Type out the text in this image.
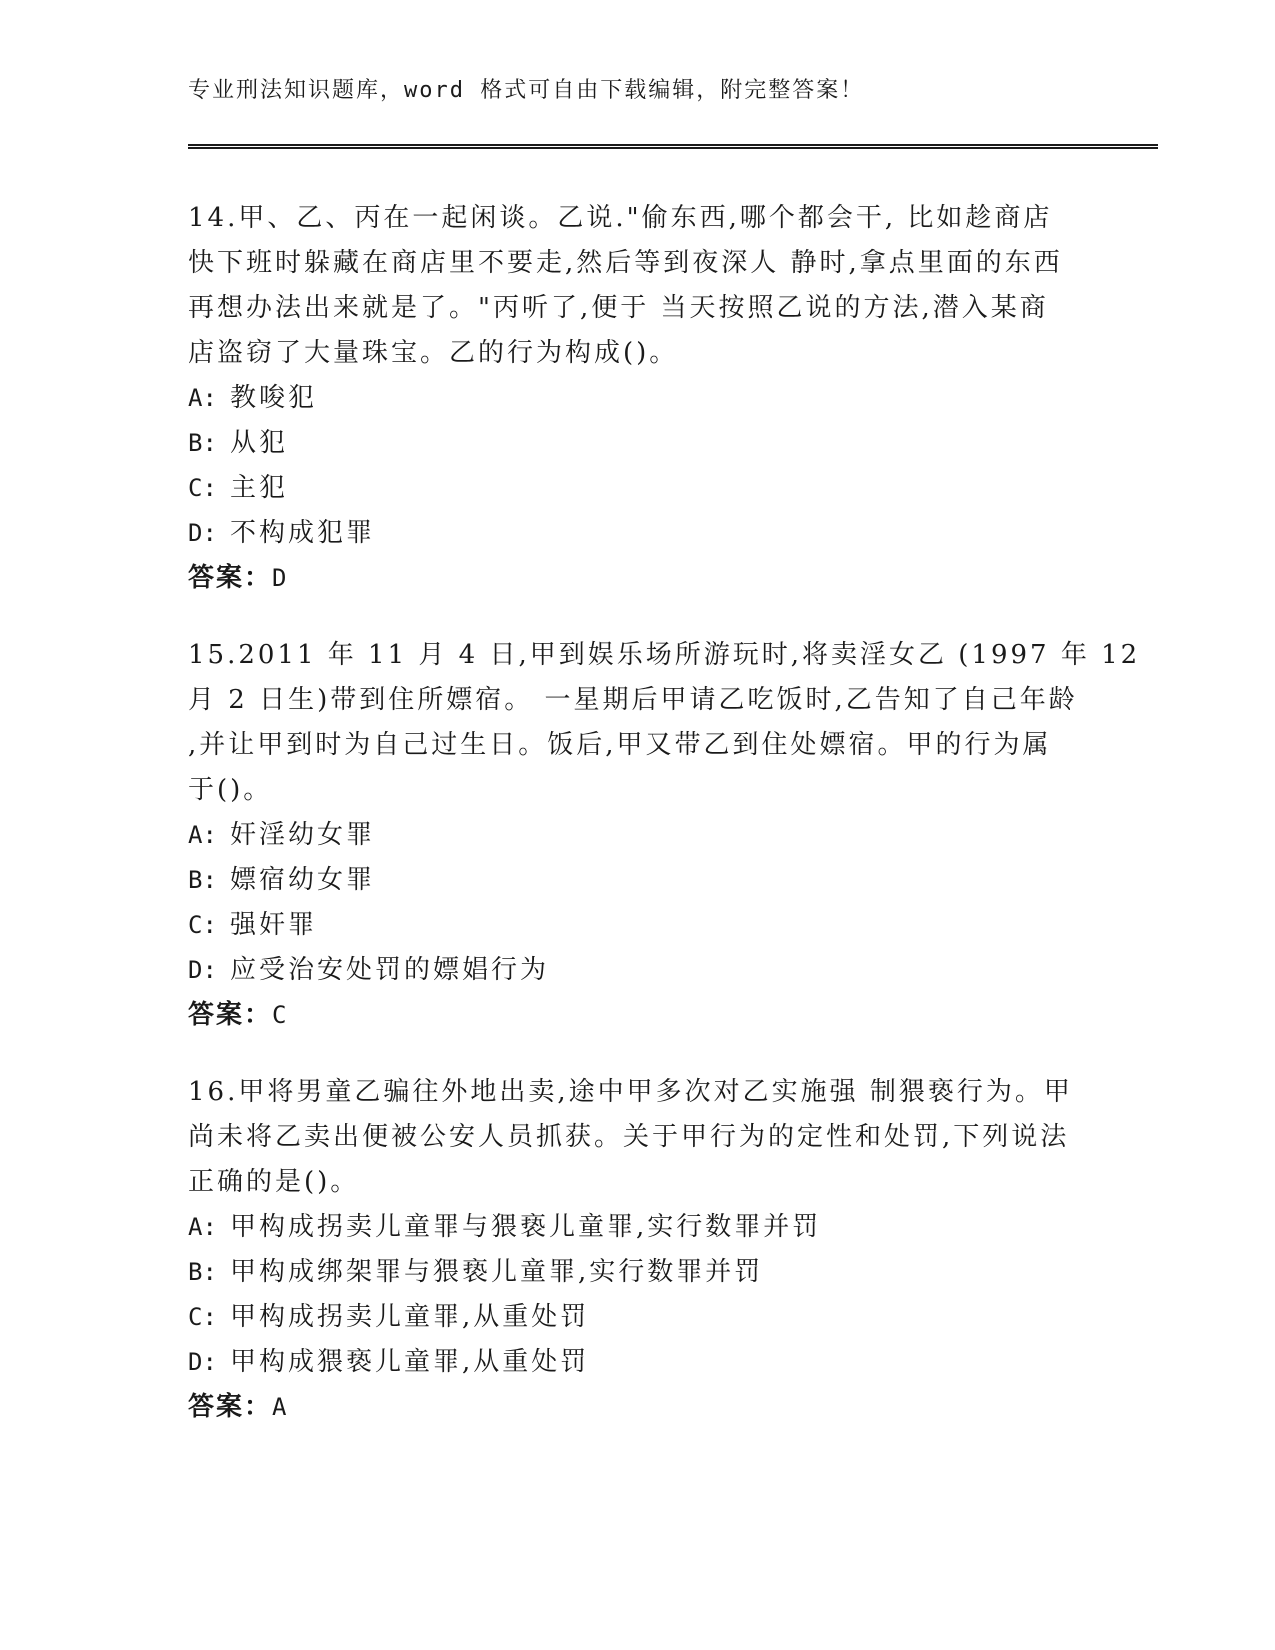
专业刑法知识题库，word 格式可自由下载编辑，附完整答案！
14.甲、乙、丙在一起闲谈。乙说."偷东西,哪个都会干, 比如趁商店
快下班时躲藏在商店里不要走,然后等到夜深人 静时,拿点里面的东西
再想办法出来就是了。"丙听了,便于 当天按照乙说的方法,潜入某商
店盗窃了大量珠宝。乙的行为构成()。
A: 教唆犯
B: 从犯
C: 主犯
D: 不构成犯罪
答案：D
15.2011 年 11 月 4 日,甲到娱乐场所游玩时,将卖淫女乙 (1997 年 12
月 2 日生)带到住所嫖宿。 一星期后甲请乙吃饭时,乙告知了自己年龄
,并让甲到时为自己过生日。饭后,甲又带乙到住处嫖宿。甲的行为属
于()。
A: 奸淫幼女罪
B: 嫖宿幼女罪
C: 强奸罪
D: 应受治安处罚的嫖娼行为
答案：C
16.甲将男童乙骗往外地出卖,途中甲多次对乙实施强 制猥亵行为。甲
尚未将乙卖出便被公安人员抓获。关于甲行为的定性和处罚,下列说法
正确的是()。
A: 甲构成拐卖儿童罪与猥亵儿童罪,实行数罪并罚
B: 甲构成绑架罪与猥亵儿童罪,实行数罪并罚
C: 甲构成拐卖儿童罪,从重处罚
D: 甲构成猥亵儿童罪,从重处罚
答案：A
